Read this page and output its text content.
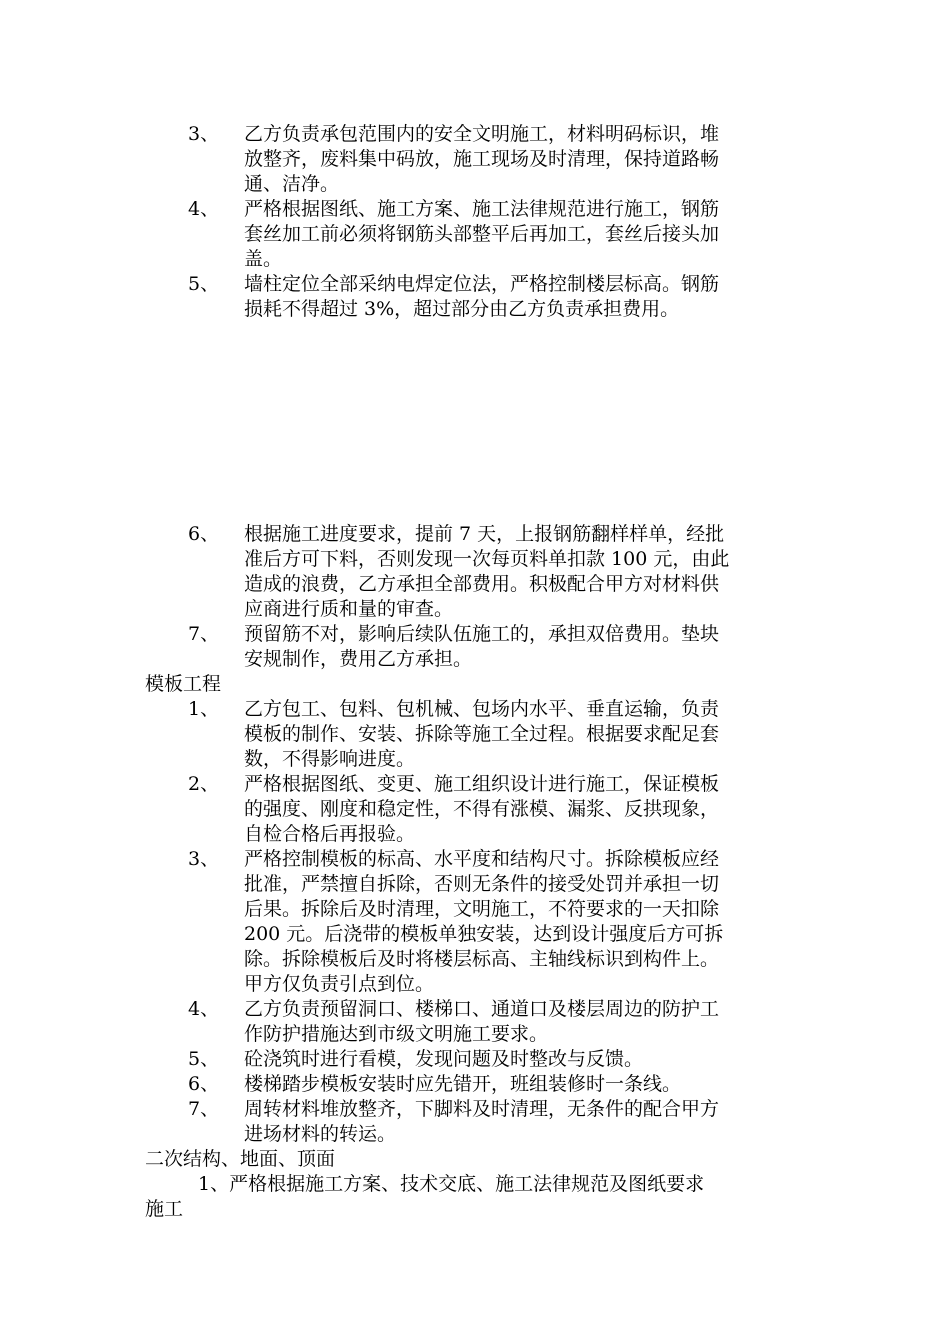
3、 乙方负责承包范围内的安全文明施工，材料明码标识，堆
放整齐，废料集中码放，施工现场及时清理，保持道路畅
通、洁净。
4、 严格根据图纸、施工方案、施工法律规范进行施工，钢筋
套丝加工前必须将钢筋头部整平后再加工，套丝后接头加
盖。
5、 墙柱定位全部采纳电焊定位法，严格控制楼层标高。钢筋
损耗不得超过 3%，超过部分由乙方负责承担费用。
6、 根据施工进度要求，提前 7 天，上报钢筋翻样样单，经批
准后方可下料，否则发现一次每页料单扣款 100 元，由此
造成的浪费，乙方承担全部费用。积极配合甲方对材料供
应商进行质和量的审查。
7、 预留筋不对，影响后续队伍施工的，承担双倍费用。垫块
安规制作，费用乙方承担。
模板工程
1、 乙方包工、包料、包机械、包场内水平、垂直运输，负责
模板的制作、安装、拆除等施工全过程。根据要求配足套
数，不得影响进度。
2、 严格根据图纸、变更、施工组织设计进行施工，保证模板
的强度、刚度和稳定性，不得有涨模、漏浆、反拱现象，
自检合格后再报验。
3、 严格控制模板的标高、水平度和结构尺寸。拆除模板应经
批准，严禁擅自拆除，否则无条件的接受处罚并承担一切
后果。拆除后及时清理，文明施工，不符要求的一天扣除
200 元。后浇带的模板单独安装，达到设计强度后方可拆
除。拆除模板后及时将楼层标高、主轴线标识到构件上。
甲方仅负责引点到位。
4、 乙方负责预留洞口、楼梯口、通道口及楼层周边的防护工
作防护措施达到市级文明施工要求。
5、 砼浇筑时进行看模，发现问题及时整改与反馈。
6、 楼梯踏步模板安装时应先错开，班组装修时一条线。
7、 周转材料堆放整齐，下脚料及时清理，无条件的配合甲方
进场材料的转运。
二次结构、地面、顶面
1、严格根据施工方案、技术交底、施工法律规范及图纸要求
施工
